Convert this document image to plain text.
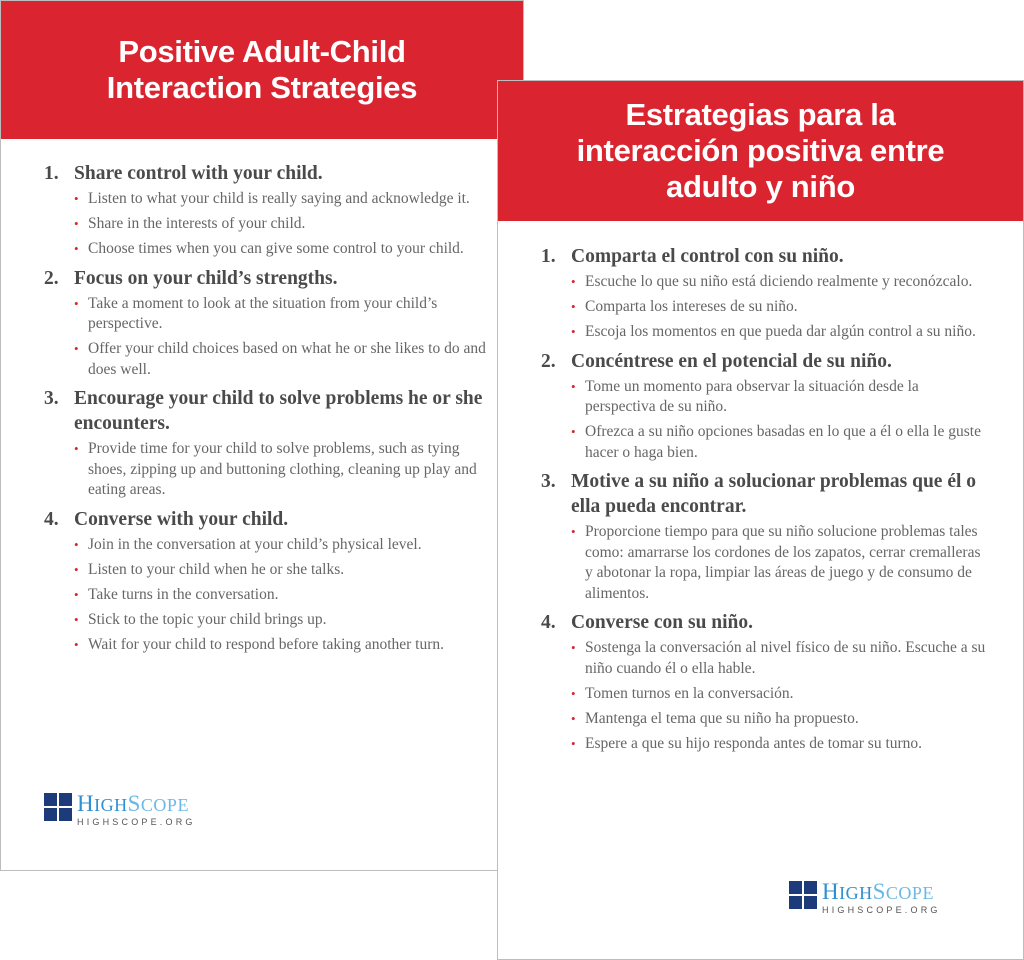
Positive Adult-Child
Interaction Strategies
1. Share control with your child.
• Listen to what your child is really saying and acknowledge it.
• Share in the interests of your child.
• Choose times when you can give some control to your child.
2. Focus on your child’s strengths.
• Take a moment to look at the situation from your child’s perspective.
• Offer your child choices based on what he or she likes to do and does well.
3. Encourage your child to solve problems he or she encounters.
• Provide time for your child to solve problems, such as tying shoes, zipping up and buttoning clothing, cleaning up play and eating areas.
4. Converse with your child.
• Join in the conversation at your child’s physical level.
• Listen to your child when he or she talks.
• Take turns in the conversation.
• Stick to the topic your child brings up.
• Wait for your child to respond before taking another turn.
HIGHSCOPE
HIGHSCOPE.ORG
Estrategias para la
interacción positiva entre
adulto y niño
1. Comparta el control con su niño.
• Escuche lo que su niño está diciendo realmente y reconózcalo.
• Comparta los intereses de su niño.
• Escoja los momentos en que pueda dar algún control a su niño.
2. Concéntrese en el potencial de su niño.
• Tome un momento para observar la situación desde la perspectiva de su niño.
• Ofrezca a su niño opciones basadas en lo que a él o ella le guste hacer o haga bien.
3. Motive a su niño a solucionar problemas que él o ella pueda encontrar.
• Proporcione tiempo para que su niño solucione problemas tales como: amarrarse los cordones de los zapatos, cerrar cremalleras y abotonar la ropa, limpiar las áreas de juego y de consumo de alimentos.
4. Converse con su niño.
• Sostenga la conversación al nivel físico de su niño. Escuche a su niño cuando él o ella hable.
• Tomen turnos en la conversación.
• Mantenga el tema que su niño ha propuesto.
• Espere a que su hijo responda antes de tomar su turno.
HIGHSCOPE
HIGHSCOPE.ORG
